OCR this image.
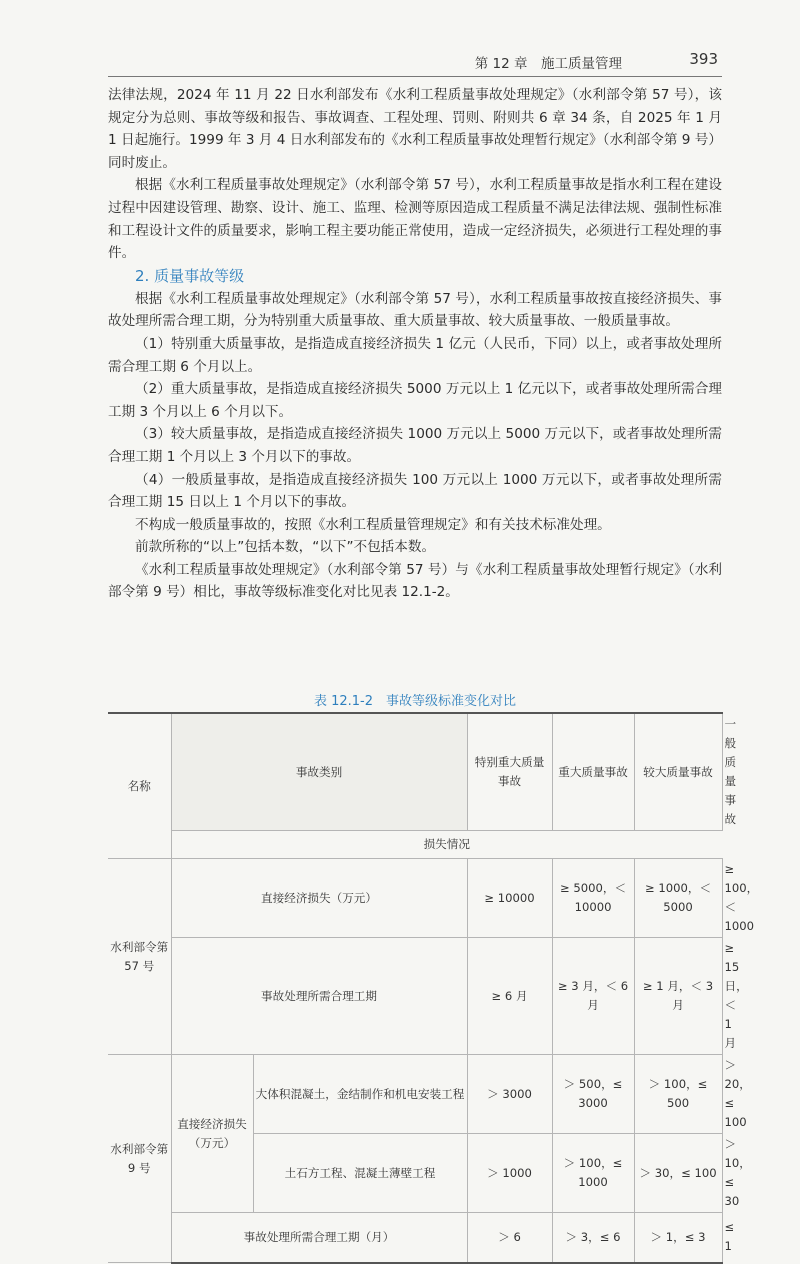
第 12 章　施工质量管理	393

法律法规，2024 年 11 月 22 日水利部发布《水利工程质量事故处理规定》（水利部令第 57 号），该规定分为总则、事故等级和报告、事故调查、工程处理、罚则、附则共 6 章 34 条，自 2025 年 1 月 1 日起施行。1999 年 3 月 4 日水利部发布的《水利工程质量事故处理暂行规定》（水利部令第 9 号）同时废止。

根据《水利工程质量事故处理规定》（水利部令第 57 号），水利工程质量事故是指水利工程在建设过程中因建设管理、勘察、设计、施工、监理、检测等原因造成工程质量不满足法律法规、强制性标准和工程设计文件的质量要求，影响工程主要功能正常使用，造成一定经济损失，必须进行工程处理的事件。

2. 质量事故等级

根据《水利工程质量事故处理规定》（水利部令第 57 号），水利工程质量事故按直接经济损失、事故处理所需合理工期，分为特别重大质量事故、重大质量事故、较大质量事故、一般质量事故。

（1）特别重大质量事故，是指造成直接经济损失 1 亿元（人民币，下同）以上，或者事故处理所需合理工期 6 个月以上。

（2）重大质量事故，是指造成直接经济损失 5000 万元以上 1 亿元以下，或者事故处理所需合理工期 3 个月以上 6 个月以下。

（3）较大质量事故，是指造成直接经济损失 1000 万元以上 5000 万元以下，或者事故处理所需合理工期 1 个月以上 3 个月以下的事故。

（4）一般质量事故，是指造成直接经济损失 100 万元以上 1000 万元以下，或者事故处理所需合理工期 15 日以上 1 个月以下的事故。

不构成一般质量事故的，按照《水利工程质量管理规定》和有关技术标准处理。

前款所称的“以上”包括本数，“以下”不包括本数。

《水利工程质量事故处理规定》（水利部令第 57 号）与《水利工程质量事故处理暂行规定》（水利部令第 9 号）相比，事故等级标准变化对比见表 12.1-2。

表 12.1-2　事故等级标准变化对比
名称	事故类别		特别重大质量事故	重大质量事故	较大质量事故	一般质量事故
	损失情况					
水利部令第 57 号	直接经济损失（万元）		≥ 10000	≥ 5000，＜ 10000	≥ 1000，＜ 5000	≥ 100，＜ 1000
	事故处理所需合理工期		≥ 6 月	≥ 3 月，＜ 6 月	≥ 1 月，＜ 3 月	≥ 15 日，＜ 1 月
水利部令第 9 号	直接经济损失（万元）	大体积混凝土，金结制作和机电安装工程	＞ 3000	＞ 500，≤ 3000	＞ 100，≤ 500	＞ 20，≤ 100
		土石方工程、混凝土薄壁工程	＞ 1000	＞ 100，≤ 1000	＞ 30，≤ 100	＞ 10，≤ 30
	事故处理所需合理工期（月）		＞ 6	＞ 3，≤ 6	＞ 1，≤ 3	≤ 1
